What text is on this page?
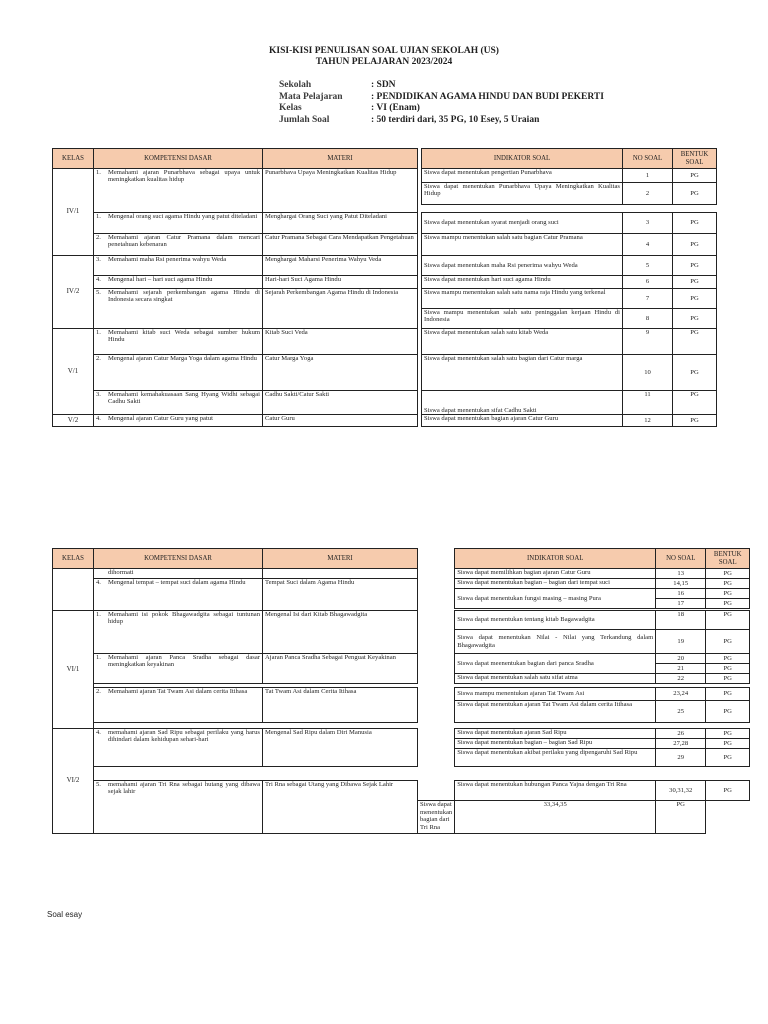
KISI-KISI PENULISAN SOAL UJIAN SEKOLAH (US)
TAHUN PELAJARAN 2023/2024
Sekolah	: SDN
Mata Pelajaran	: PENDIDIKAN AGAMA HINDU DAN BUDI PEKERTI
Kelas	: VI (Enam)
Jumlah Soal	: 50 terdiri dari, 35 PG, 10 Esey, 5 Uraian
KELAS	KOMPETENSI DASAR	MATERI		INDIKATOR SOAL	NO SOAL	BENTUK
SOAL
IV/1	1. Memahami ajaran Punarbhava sebagai upaya untuk meningkatkan kualitas hidup	Punarbhava Upaya Meningkatkan Kualitas Hidup		Siswa dapat menentukan pengertian Punarbhava	1	PG
				Siswa dapat menentukan Punarbhava Upaya Meningkatkan Kualitas Hidup	2	PG

	1. Mengenal orang suci agama Hindu yang patut diteladani	Menghargai Orang Suci yang Patut Diteladani		Siswa dapat menentukan syarat menjadi orang suci	3	PG

	2. Memahami ajaran Catur Pramana dalam mencari penetahuan kebenaran	Catur Pramana Sebagai Cara Mendapatkan Pengetahuan		Siswa mampu menentukan salah satu bagian Catur Pramana	4	PG
IV/2	3. Memahami maha Rsi penerima wahyu Weda	Menghargai Maharsi Penerima Wahyu Veda		Siswa dapat menentukan maha Rsi penerima wahyu Weda	5	PG

	4. Mengenal hari – hari suci agama Hindu	Hari-hari Suci Agama Hindu		Siswa dapat menentukan hari suci agama Hindu	6	PG

	5. Memahami sejarah perkembangan agama Hindu di Indonesia secara singkat	Sejarah Perkembangan Agama Hindu di Indonesia		Siswa mampu menentukan salah satu nama raja Hindu yang terkenal	7	PG
				Siswa mampu menentukan salah satu peninggalan kerjaan Hindu di Indonesia	8	PG
V/1	1. Memahami kitab suci Weda sebagai sumber hukum Hindu	Kitab Suci Veda		Siswa dapat menentukan salah satu kitab Weda	9	PG

	2. Mengenal ajaran Catur Marga Yoga dalam agama Hindu	Catur Marga Yoga		Siswa dapat menentukan salah satu bagian dari Catur marga	10	PG

	3. Memahami kemahakuasaan Sang Hyang Widhi sebagai Cadhu Sakti	Cadhu Sakti/Catur Sakti		Siswa dapat menentukan sifat Cadhu Sakti	11	PG
V/2	4. Mengenal ajaran Catur Guru yang patut	Catur Guru		Siswa dapat menentukan bagian ajaran Catur Guru	12	PG
KELAS	KOMPETENSI DASAR	MATERI		INDIKATOR SOAL	NO SOAL	BENTUK
SOAL

	dihormati			Siswa dapat memilihkan bagian ajaran Catur Guru	13	PG

	4. Mengenal tempat – tempat suci dalam agama Hindu	Tempat Suci dalam Agama Hindu		Siswa dapat menentukan bagian – bagian dari tempat suci	14,15	PG
				Siswa dapat menentukan fungsi masing – masing Pura	16	PG
					17	PG

VI/1	1. Memahami isi pokok Bhagawadgita sebagai tuntunan hidup	Mengenal Isi dari Kitab Bhagawadgita		Siswa dapat menentukan tentang kitab Bagawadgita	18	PG
				Siswa dapat menentukan Nilai - Nilai yang Terkandung dalam Bhagawadgita	19	PG

	1. Memahami ajaran Panca Sradha sebagai dasar meningkatkan keyakinan	Ajaran Panca Sradha Sebagai Penguat Keyakinan		Siswa dapat meenentukan bagian dari panca Sradha	20	PG
					21	PG
				Siswa dapat menentukan salah satu sifat atma	22	PG

	2. Memahami ajaran Tat Twam Asi dalam cerita Itihasa	Tat Twam Asi dalam Cerita Itihasa		Siswa mampu menentukan ajaran Tat Twam Asi	23,24	PG
				Siswa dapat menentukan ajaran Tat Twam Asi dalam cerita Itihasa	25	PG

VI/2	4. memahami ajaran Sad Ripu sebagai perilaku yang harus dihindari dalam kehidupan sehari-hari	Mengenal Sad Ripu dalam Diri Manusia		Siswa dapat menentukan ajaran Sad Ripu	26	PG
				Siswa dapat menentukan bagian – bagian Sad Ripu	27,28	PG
				Siswa dapat menentukan akibat perilaku yang dipengaruhi Sad Ripu	29	PG

	5. memahami ajaran Tri Rna sebagai hutang yang dibawa sejak lahir	Tri Rna sebagai Utang yang Dibawa Sejak Lahir		Siswa dapat menentukan hubungan Panca Yajna dengan Tri Rna	30,31,32	PG
			Siswa dapat menentukan bagian dari Tri Rna	33,34,35	PG	
Soal esay
